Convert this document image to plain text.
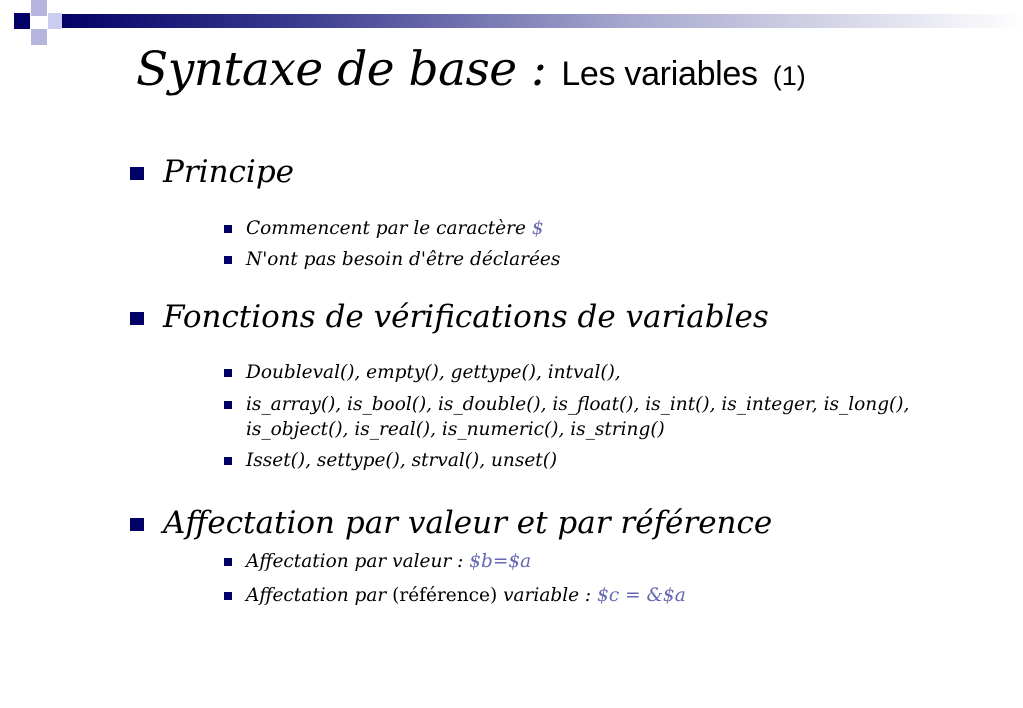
Syntaxe de base : Les variables (1)
Principe
Commencent par le caractère $
N'ont pas besoin d'être déclarées
Fonctions de vérifications de variables
Doubleval(), empty(), gettype(), intval(),
is_array(), is_bool(), is_double(), is_float(), is_int(), is_integer, is_long(),
is_object(), is_real(), is_numeric(), is_string()
Isset(), settype(), strval(), unset()
Affectation par valeur et par référence
Affectation par valeur : $b=$a
Affectation par (référence) variable : $c = &$a
